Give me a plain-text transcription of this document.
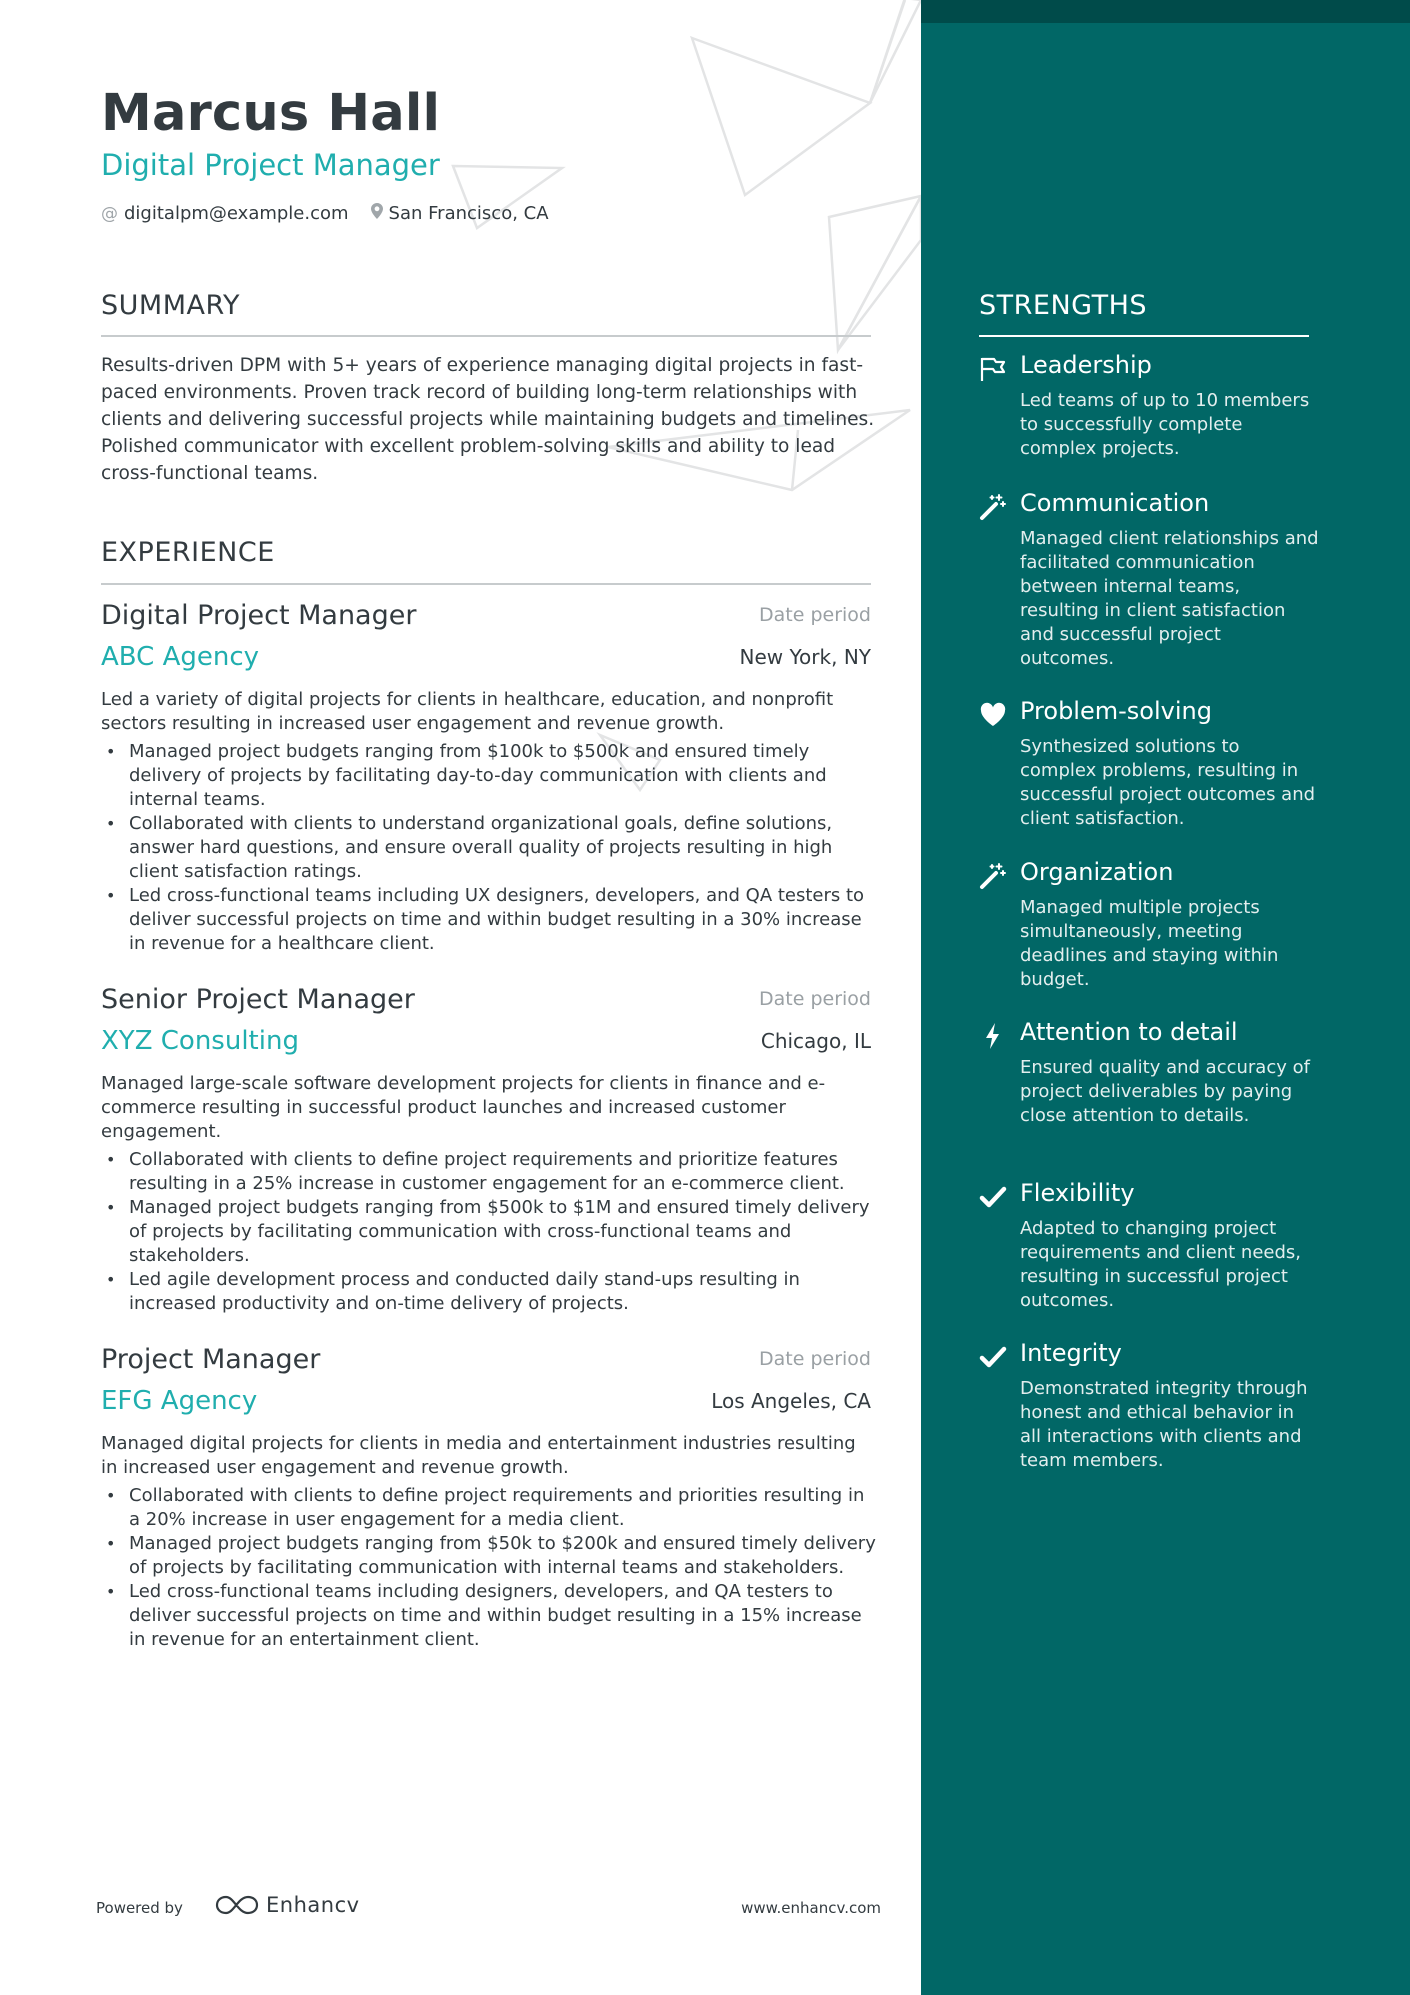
Marcus Hall
Digital Project Manager
@ digitalpm@example.com San Francisco, CA
SUMMARY
Results-driven DPM with 5+ years of experience managing digital projects in fast-paced environments. Proven track record of building long-term relationships with clients and delivering successful projects while maintaining budgets and timelines. Polished communicator with excellent problem-solving skills and ability to lead cross-functional teams.
EXPERIENCE
Digital Project Manager	Date period
ABC Agency	New York, NY
Led a variety of digital projects for clients in healthcare, education, and nonprofit sectors resulting in increased user engagement and revenue growth.
• Managed project budgets ranging from $100k to $500k and ensured timely delivery of projects by facilitating day-to-day communication with clients and internal teams.
• Collaborated with clients to understand organizational goals, define solutions, answer hard questions, and ensure overall quality of projects resulting in high client satisfaction ratings.
• Led cross-functional teams including UX designers, developers, and QA testers to deliver successful projects on time and within budget resulting in a 30% increase in revenue for a healthcare client.
Senior Project Manager	Date period
XYZ Consulting	Chicago, IL
Managed large-scale software development projects for clients in finance and e-commerce resulting in successful product launches and increased customer engagement.
• Collaborated with clients to define project requirements and prioritize features resulting in a 25% increase in customer engagement for an e-commerce client.
• Managed project budgets ranging from $500k to $1M and ensured timely delivery of projects by facilitating communication with cross-functional teams and stakeholders.
• Led agile development process and conducted daily stand-ups resulting in increased productivity and on-time delivery of projects.
Project Manager	Date period
EFG Agency	Los Angeles, CA
Managed digital projects for clients in media and entertainment industries resulting in increased user engagement and revenue growth.
• Collaborated with clients to define project requirements and priorities resulting in a 20% increase in user engagement for a media client.
• Managed project budgets ranging from $50k to $200k and ensured timely delivery of projects by facilitating communication with internal teams and stakeholders.
• Led cross-functional teams including designers, developers, and QA testers to deliver successful projects on time and within budget resulting in a 15% increase in revenue for an entertainment client.
STRENGTHS
Leadership
Led teams of up to 10 members to successfully complete complex projects.
Communication
Managed client relationships and facilitated communication between internal teams, resulting in client satisfaction and successful project outcomes.
Problem-solving
Synthesized solutions to complex problems, resulting in successful project outcomes and client satisfaction.
Organization
Managed multiple projects simultaneously, meeting deadlines and staying within budget.
Attention to detail
Ensured quality and accuracy of project deliverables by paying close attention to details.
Flexibility
Adapted to changing project requirements and client needs, resulting in successful project outcomes.
Integrity
Demonstrated integrity through honest and ethical behavior in all interactions with clients and team members.
Powered by	Enhancv	www.enhancv.com
